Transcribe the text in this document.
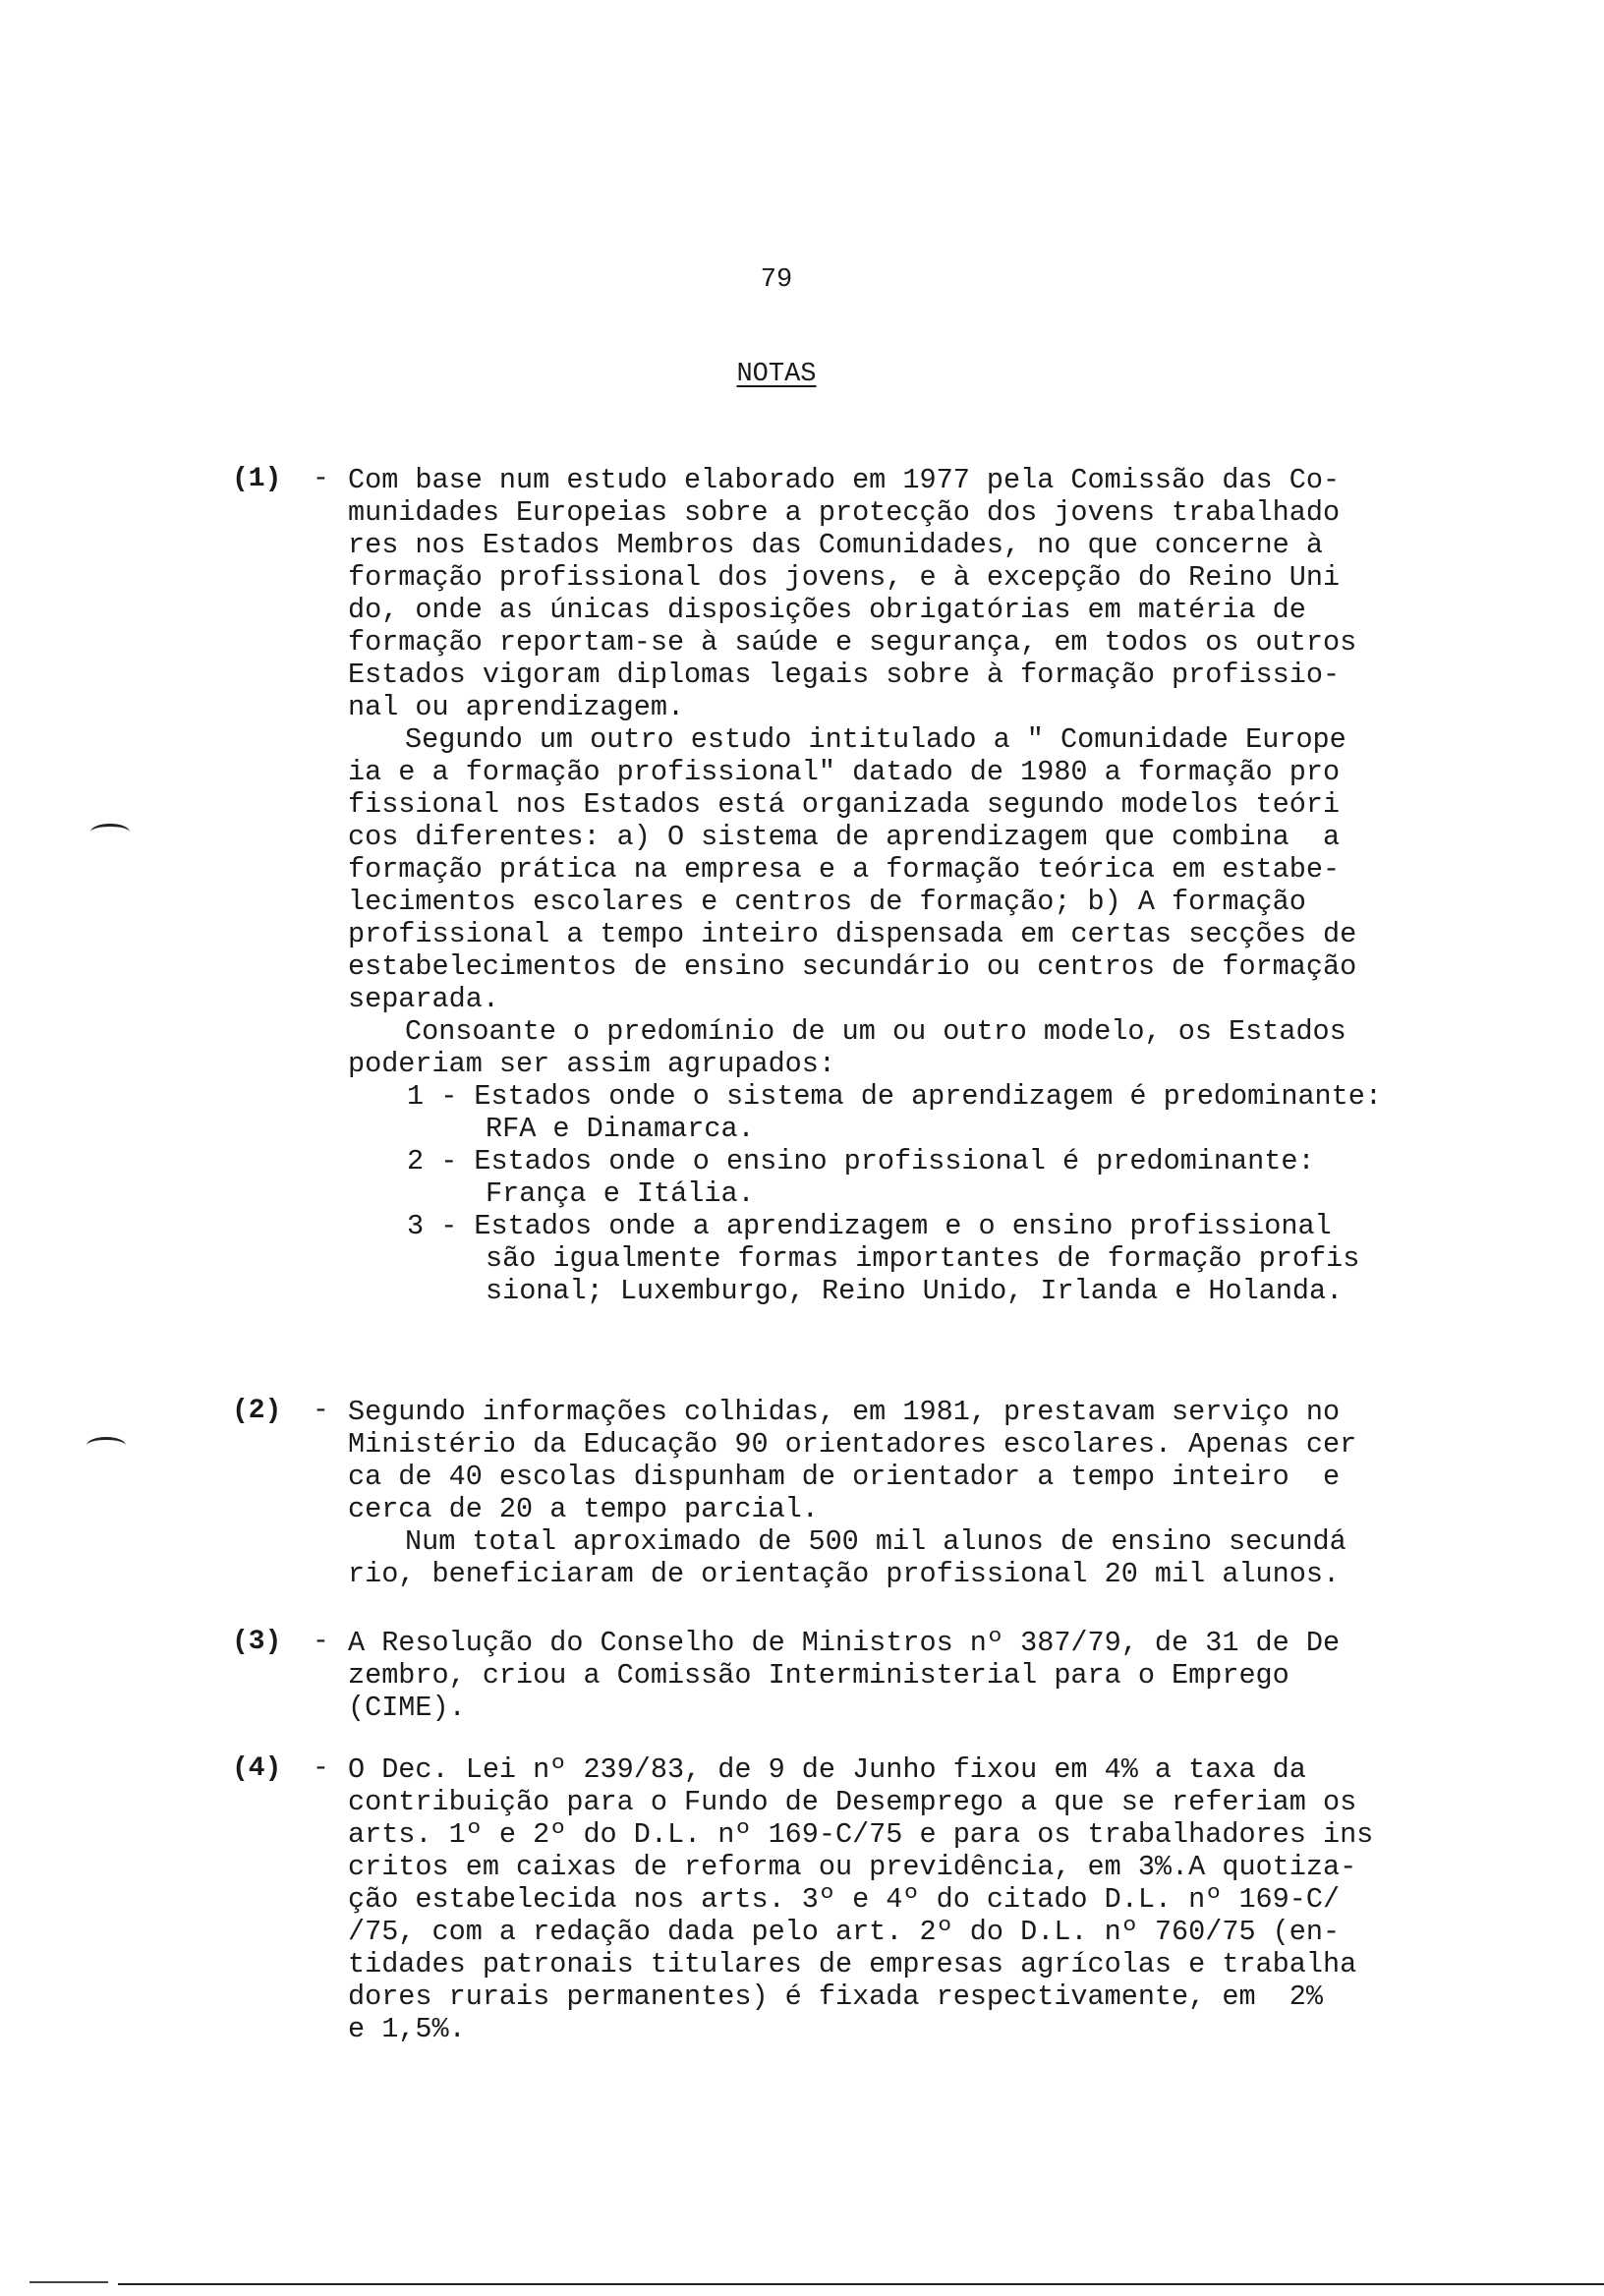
79
NOTAS
(1) - Com base num estudo elaborado em 1977 pela Comissão das Co-
munidades Europeias sobre a protecção dos jovens trabalhado
res nos Estados Membros das Comunidades, no que concerne à
formação profissional dos jovens, e à excepção do Reino Uni
do, onde as únicas disposições obrigatórias em matéria de
formação reportam-se à saúde e segurança, em todos os outros
Estados vigoram diplomas legais sobre à formação profissio-
nal ou aprendizagem.
Segundo um outro estudo intitulado a " Comunidade Europe
ia e a formação profissional" datado de 1980 a formação pro
fissional nos Estados está organizada segundo modelos teóri
cos diferentes: a) O sistema de aprendizagem que combina  a
formação prática na empresa e a formação teórica em estabe-
lecimentos escolares e centros de formação; b) A formação
profissional a tempo inteiro dispensada em certas secções de
estabelecimentos de ensino secundário ou centros de formação
separada.
Consoante o predomínio de um ou outro modelo, os Estados
poderiam ser assim agrupados:
1 - Estados onde o sistema de aprendizagem é predominante:
RFA e Dinamarca.
2 - Estados onde o ensino profissional é predominante:
França e Itália.
3 - Estados onde a aprendizagem e o ensino profissional
são igualmente formas importantes de formação profis
sional; Luxemburgo, Reino Unido, Irlanda e Holanda.
(2) - Segundo informações colhidas, em 1981, prestavam serviço no
Ministério da Educação 90 orientadores escolares. Apenas cer
ca de 40 escolas dispunham de orientador a tempo inteiro  e
cerca de 20 a tempo parcial.
Num total aproximado de 500 mil alunos de ensino secundá
rio, beneficiaram de orientação profissional 20 mil alunos.
(3) - A Resolução do Conselho de Ministros nº 387/79, de 31 de De
zembro, criou a Comissão Interministerial para o Emprego
(CIME).
(4) - O Dec. Lei nº 239/83, de 9 de Junho fixou em 4% a taxa da
contribuição para o Fundo de Desemprego a que se referiam os
arts. 1º e 2º do D.L. nº 169-C/75 e para os trabalhadores ins
critos em caixas de reforma ou previdência, em 3%.A quotiza-
ção estabelecida nos arts. 3º e 4º do citado D.L. nº 169-C/
/75, com a redação dada pelo art. 2º do D.L. nº 760/75 (en-
tidades patronais titulares de empresas agrícolas e trabalha
dores rurais permanentes) é fixada respectivamente, em  2%
e 1,5%.
